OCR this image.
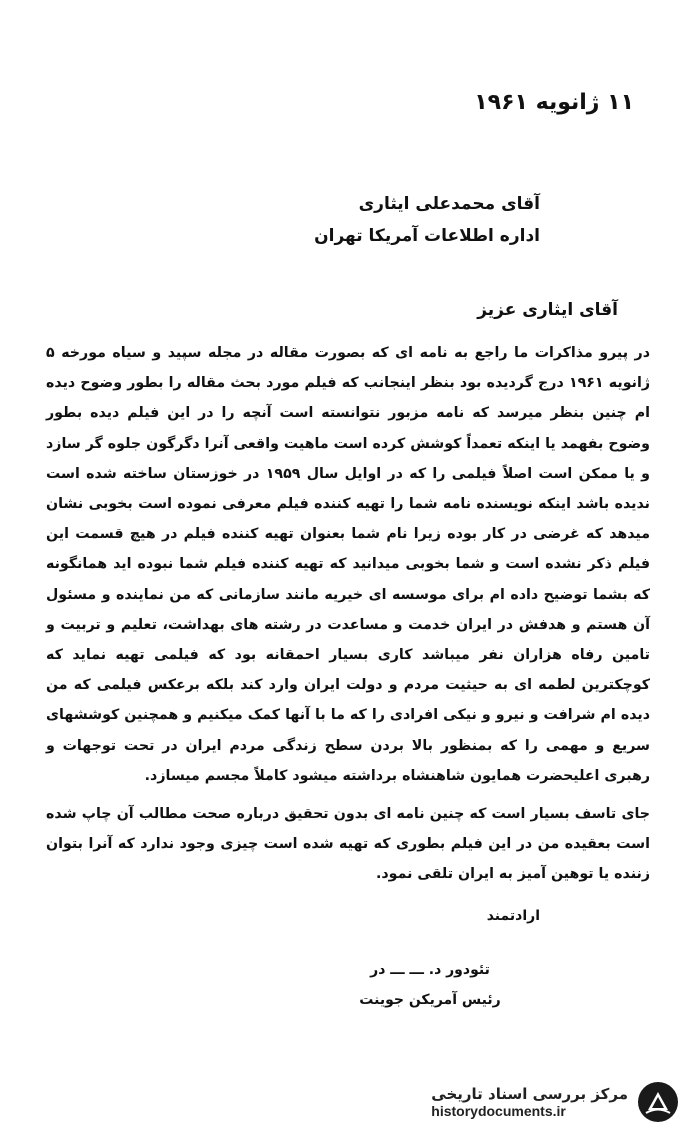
۱۱ ژانویه ۱۹۶۱
آقای محمدعلی ایثاری
اداره اطلاعات آمریکا تهران
آقای ایثاری عزیز

در پیرو مذاکرات ما راجع به نامه ای که بصورت مقاله در مجله سپید و سیاه مورخه ۵ ژانویه ۱۹۶۱ درج گردیده بود بنظر اینجانب که فیلم مورد بحث مقاله را بطور وضوح دیده ام چنین بنظر میرسد که نامه مزبور نتوانسته است آنچه را در این فیلم دیده بطور وضوح بفهمد یا اینکه تعمداً کوشش کرده است ماهیت واقعی آنرا دگرگون جلوه گر سازد و یا ممکن است اصلاً فیلمی را که در اوایل سال ۱۹۵۹ در خوزستان ساخته شده است ندیده باشد اینکه نویسنده نامه شما را تهیه کننده فیلم معرفی نموده است بخوبی نشان میدهد که غرضی در کار بوده زیرا نام شما بعنوان تهیه کننده فیلم در هیچ قسمت این فیلم ذکر نشده است و شما بخوبی میدانید که تهیه کننده فیلم شما نبوده اید همانگونه که بشما توضیح داده ام برای موسسه ای خیریه مانند سازمانی که من نماینده و مسئول آن هستم و هدفش در ایران خدمت و مساعدت در رشته های بهداشت، تعلیم و تربیت و تامین رفاه هزاران نفر میباشد کاری بسیار احمقانه بود که فیلمی تهیه نماید که کوچکترین لطمه ای به حیثیت مردم و دولت ایران وارد کند بلکه برعکس فیلمی که من دیده ام شرافت و نیرو و نیکی افرادی را که ما با آنها کمک میکنیم و همچنین کوششهای سریع و مهمی را که بمنظور بالا بردن سطح زندگی مردم ایران در تحت توجهات و رهبری اعلیحضرت همایون شاهنشاه برداشته میشود کاملاً مجسم میسازد.

جای تاسف بسیار است که چنین نامه ای بدون تحقیق درباره صحت مطالب آن چاپ شده است بعقیده من در این فیلم بطوری که تهیه شده است چیزی وجود ندارد که آنرا بتوان زننده یا توهین آمیز به ایران تلقی نمود.

ارادتمند
تئودور د. ـــ ـــ در
رئیس آمریکن جوینت
مرکز بررسی اسناد تاریخی
historydocuments.ir
